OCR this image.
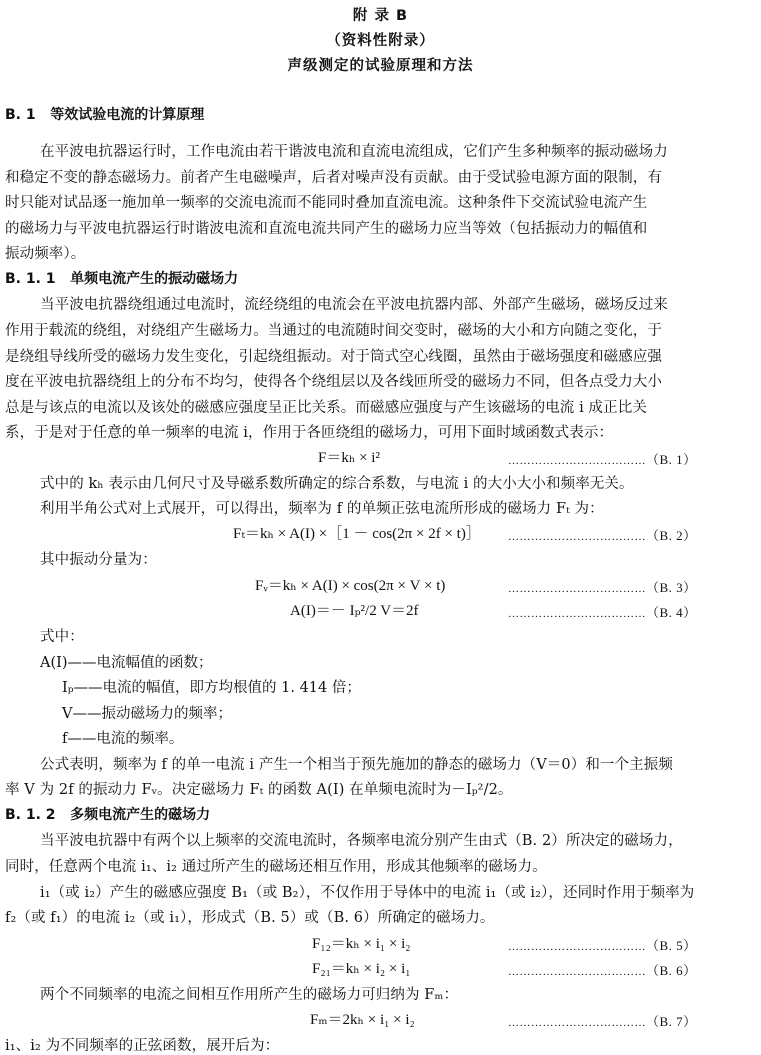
附 录 B
（资料性附录）
声级测定的试验原理和方法
B. 1 等效试验电流的计算原理
在平波电抗器运行时，工作电流由若干谐波电流和直流电流组成，它们产生多种频率的振动磁场力
和稳定不变的静态磁场力。前者产生电磁噪声，后者对噪声没有贡献。由于受试验电源方面的限制，有
时只能对试品逐一施加单一频率的交流电流而不能同时叠加直流电流。这种条件下交流试验电流产生
的磁场力与平波电抗器运行时谐波电流和直流电流共同产生的磁场力应当等效（包括振动力的幅值和
振动频率）。
B. 1. 1 单频电流产生的振动磁场力
当平波电抗器绕组通过电流时，流经绕组的电流会在平波电抗器内部、外部产生磁场，磁场反过来
作用于载流的绕组，对绕组产生磁场力。当通过的电流随时间交变时，磁场的大小和方向随之变化，于
是绕组导线所受的磁场力发生变化，引起绕组振动。对于筒式空心线圈，虽然由于磁场强度和磁感应强
度在平波电抗器绕组上的分布不均匀，使得各个绕组层以及各线匝所受的磁场力不同，但各点受力大小
总是与该点的电流以及该处的磁感应强度呈正比关系。而磁感应强度与产生该磁场的电流 i 成正比关
系，于是对于任意的单一频率的电流 i，作用于各匝绕组的磁场力，可用下面时域函数式表示：
F＝kₕ × i²	………………………………（B. 1）
式中的 kₕ 表示由几何尺寸及导磁系数所确定的综合系数，与电流 i 的大小大小和频率无关。
利用半角公式对上式展开，可以得出，频率为 f 的单频正弦电流所形成的磁场力 Fₜ 为：
Fₜ＝kₕ × A(I) ×［1 － cos(2π × 2f × t)］ ………………………………（B. 2）
其中振动分量为：
Fᵥ＝kₕ × A(I) × cos(2π × V × t)	………………………………（B. 3）
A(I)＝－ Iₚ²/2 V＝2f	………………………………（B. 4）
式中：
A(I)——电流幅值的函数；
Iₚ——电流的幅值，即方均根值的 1. 414 倍；
V——振动磁场力的频率；
f——电流的频率。
公式表明，频率为 f 的单一电流 i 产生一个相当于预先施加的静态的磁场力（V＝0）和一个主振频
率 V 为 2f 的振动力 Fᵥ。决定磁场力 Fₜ 的函数 A(I) 在单频电流时为－Iₚ²/2。
B. 1. 2 多频电流产生的磁场力
当平波电抗器中有两个以上频率的交流电流时，各频率电流分别产生由式（B. 2）所决定的磁场力，
同时，任意两个电流 i₁、i₂ 通过所产生的磁场还相互作用，形成其他频率的磁场力。
i₁（或 i₂）产生的磁感应强度 B₁（或 B₂），不仅作用于导体中的电流 i₁（或 i₂），还同时作用于频率为
f₂（或 f₁）的电流 i₂（或 i₁），形成式（B. 5）或（B. 6）所确定的磁场力。
F₁₂＝kₕ × i₁ × i₂	………………………………（B. 5）
F₂₁＝kₕ × i₂ × i₁	………………………………（B. 6）
两个不同频率的电流之间相互作用所产生的磁场力可归纳为 Fₘ：
Fₘ＝2kₕ × i₁ × i₂	………………………………（B. 7）
i₁、i₂ 为不同频率的正弦函数，展开后为：
